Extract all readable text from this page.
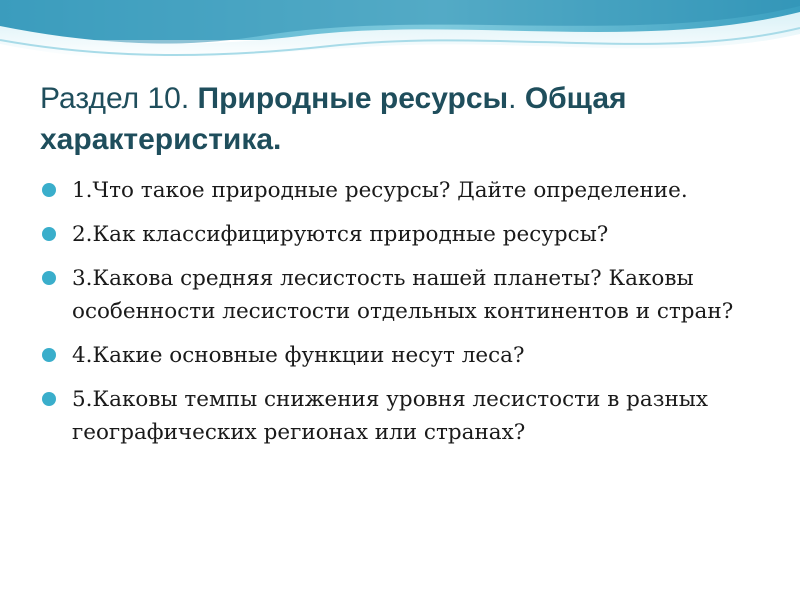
Раздел 10. Природные ресурсы. Общая характеристика.
1.Что такое природные ресурсы? Дайте определение.
2.Как классифицируются природные ресурсы?
3.Какова средняя лесистость нашей планеты? Каковы особенности лесистости отдельных континентов и стран?
4.Какие основные функции несут леса?
5.Каковы темпы снижения уровня лесистости в разных географических регионах или странах?
